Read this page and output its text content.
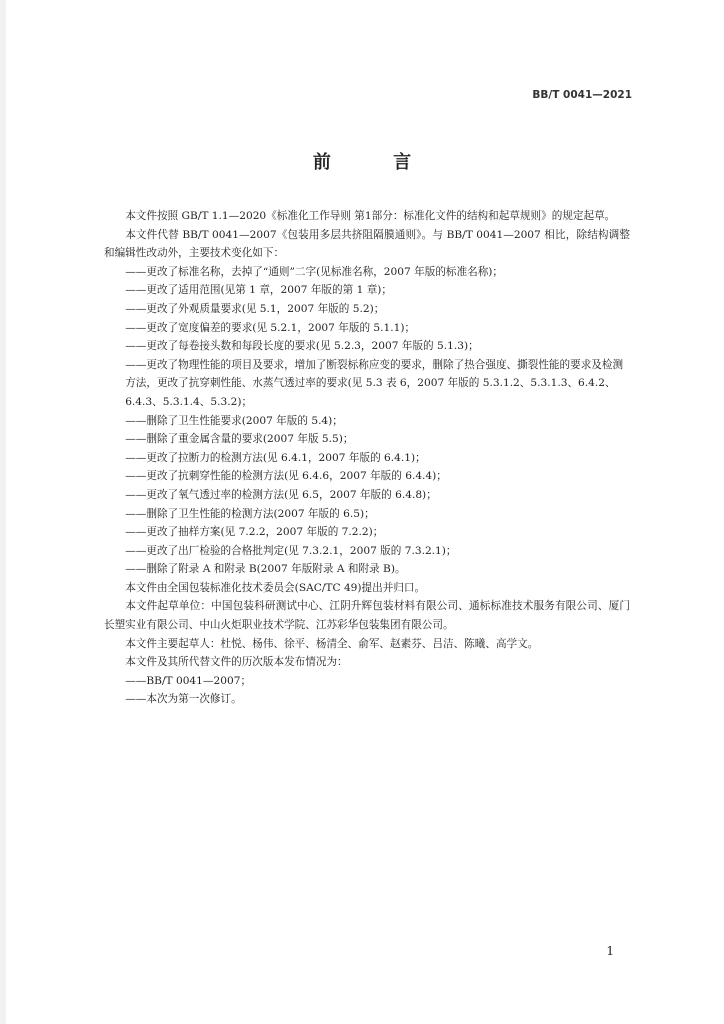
BB/T 0041—2021
前 言

本文件按照 GB/T 1.1—2020《标准化工作导则 第1部分：标准化文件的结构和起草规则》的规定起草。

本文件代替 BB/T 0041—2007《包装用多层共挤阻隔膜通则》。与 BB/T 0041—2007 相比，除结构调整和编辑性改动外，主要技术变化如下：

——更改了标准名称，去掉了“通则”二字(见标准名称，2007 年版的标准名称)；

——更改了适用范围(见第 1 章，2007 年版的第 1 章)；

——更改了外观质量要求(见 5.1，2007 年版的 5.2)；

——更改了宽度偏差的要求(见 5.2.1，2007 年版的 5.1.1)；

——更改了每卷接头数和每段长度的要求(见 5.2.3，2007 年版的 5.1.3)；

——更改了物理性能的项目及要求，增加了断裂标称应变的要求，删除了热合强度、撕裂性能的要求及检测方法，更改了抗穿刺性能、水蒸气透过率的要求(见 5.3 表 6，2007 年版的 5.3.1.2、5.3.1.3、6.4.2、6.4.3、5.3.1.4、5.3.2)；

——删除了卫生性能要求(2007 年版的 5.4)；

——删除了重金属含量的要求(2007 年版 5.5)；

——更改了拉断力的检测方法(见 6.4.1，2007 年版的 6.4.1)；

——更改了抗刺穿性能的检测方法(见 6.4.6，2007 年版的 6.4.4)；

——更改了氧气透过率的检测方法(见 6.5，2007 年版的 6.4.8)；

——删除了卫生性能的检测方法(2007 年版的 6.5)；

——更改了抽样方案(见 7.2.2，2007 年版的 7.2.2)；

——更改了出厂检验的合格批判定(见 7.3.2.1，2007 版的 7.3.2.1)；

——删除了附录 A 和附录 B(2007 年版附录 A 和附录 B)。

本文件由全国包装标准化技术委员会(SAC/TC 49)提出并归口。

本文件起草单位：中国包装科研测试中心、江阴升辉包装材料有限公司、通标标准技术服务有限公司、厦门长塑实业有限公司、中山火炬职业技术学院、江苏彩华包装集团有限公司。

本文件主要起草人：杜悦、杨伟、徐平、杨清全、俞军、赵素芬、吕洁、陈曦、高学文。

本文件及其所代替文件的历次版本发布情况为：

——BB/T 0041—2007；

——本次为第一次修订。

1
